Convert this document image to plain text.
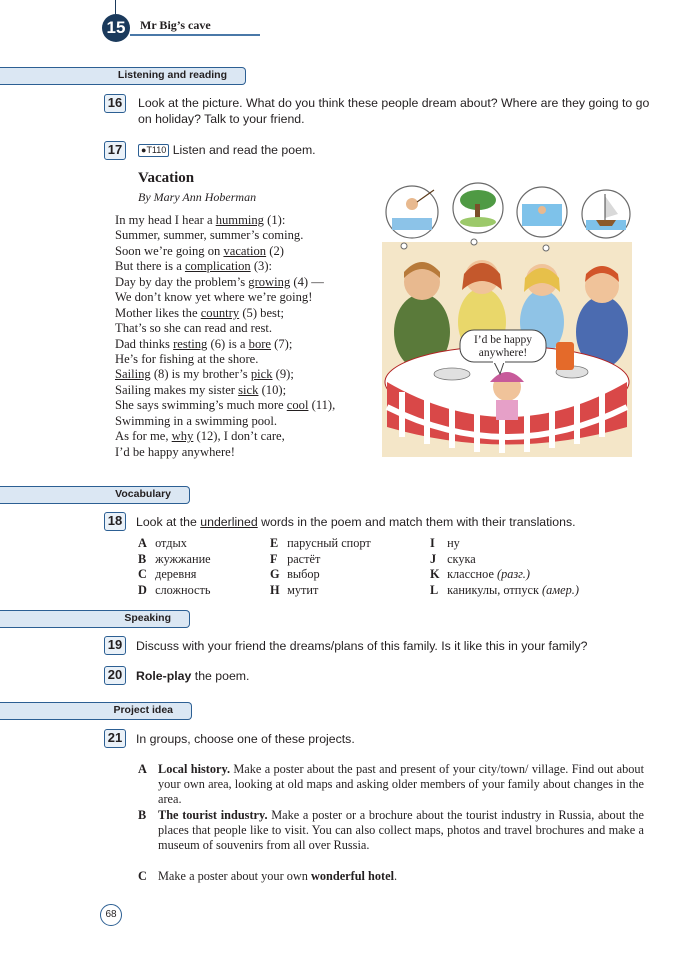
15	Mr Big’s cave
Listening and reading
16	Look at the picture. What do you think these people dream about? Where are they going to go on holiday? Talk to your friend.
17	●T110 Listen and read the poem.
Vacation
By Mary Ann Hoberman
In my head I hear a humming (1):
Summer, summer, summer’s coming.
Soon we’re going on vacation (2)
But there is a complication (3):
Day by day the problem’s growing (4) —
We don’t know yet where we’re going!
Mother likes the country (5) best;
That’s so she can read and rest.
Dad thinks resting (6) is a bore (7);
He’s for fishing at the shore.
Sailing (8) is my brother’s pick (9);
Sailing makes my sister sick (10);
She says swimming’s much more cool (11),
Swimming in a swimming pool.
As for me, why (12), I don’t care,
I’d be happy anywhere!
I’d be happy anywhere!
Vocabulary
18	Look at the underlined words in the poem and match them with their translations.
A отдых
B жужжание
C деревня
D сложность
E парусный спорт
F растёт
G выбор
H мутит
I ну
J скука
K классное (разг.)
L каникулы, отпуск (амер.)
Speaking
19	Discuss with your friend the dreams/plans of this family. Is it like this in your family?
20	Role-play the poem.
Project idea
21	In groups, choose one of these projects.
A Local history. Make a poster about the past and present of your city/town/ village. Find out about your own area, looking at old maps and asking older members of your family about changes in the area.
B The tourist industry. Make a poster or a brochure about the tourist industry in Russia, about the places that people like to visit. You can also collect maps, photos and travel brochures and make a museum of souvenirs from all over Russia.
C Make a poster about your own wonderful hotel.
68
